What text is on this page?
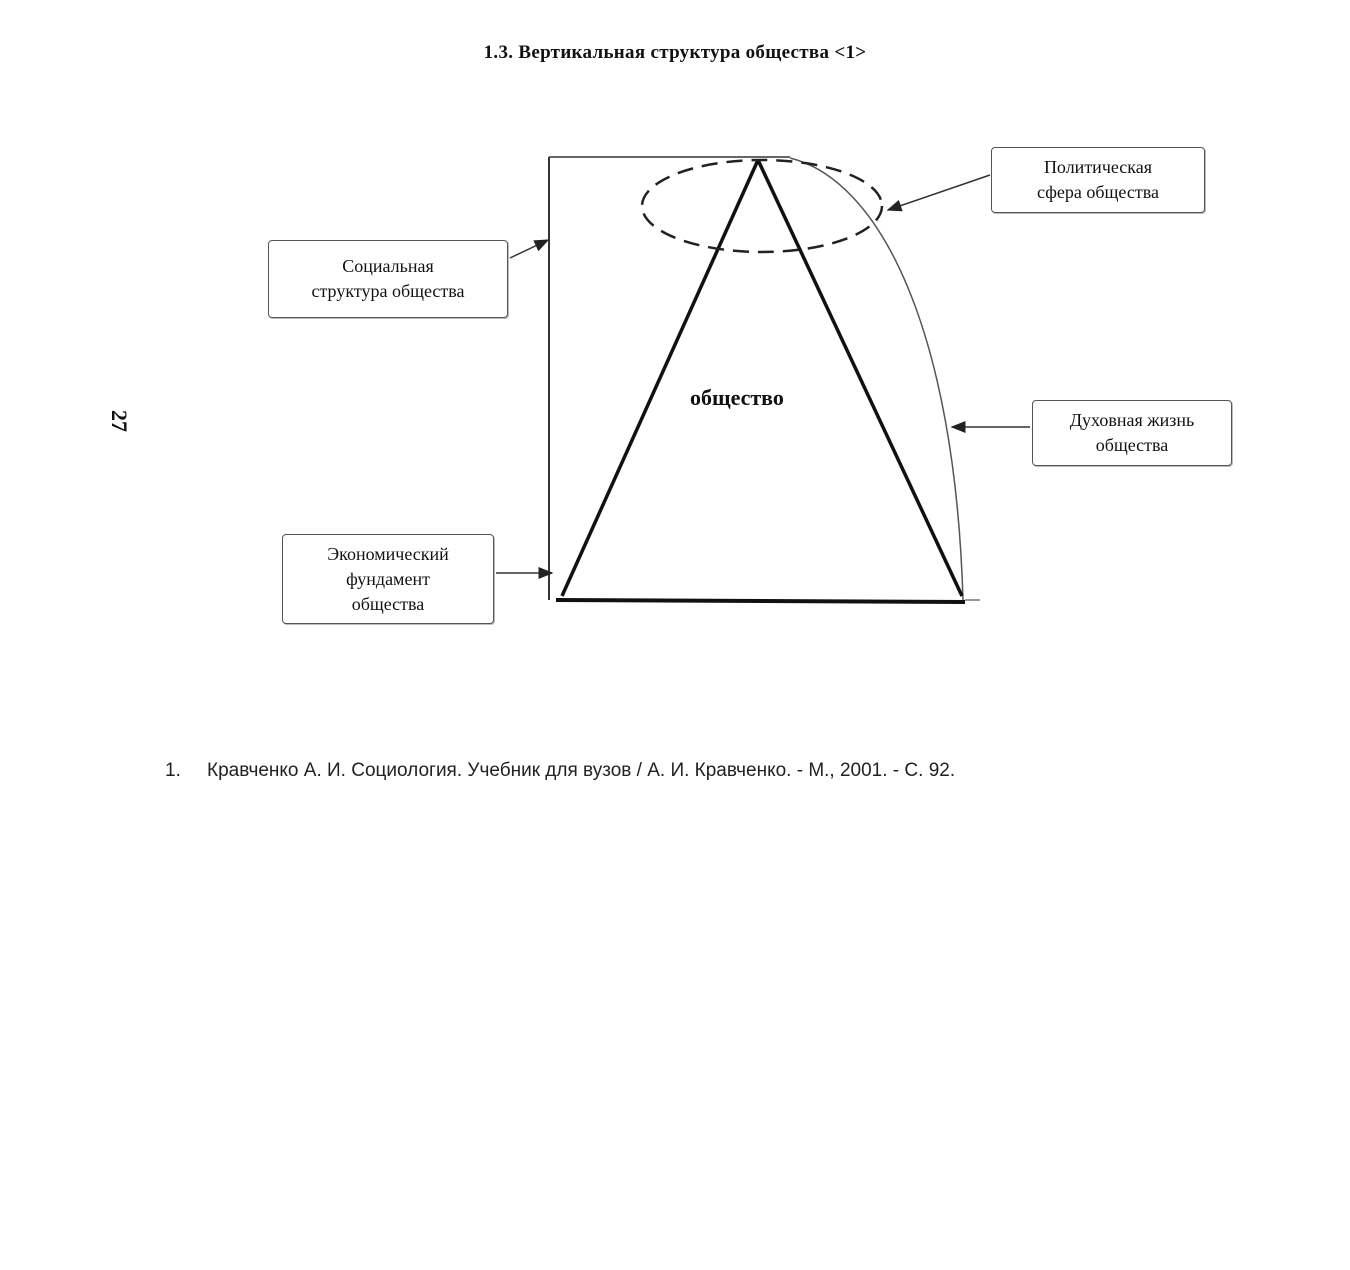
1.3. Вертикальная структура общества <1>
27
Политическая
сфера общества
Социальная
структура общества
Духовная жизнь
общества
Экономический
фундамент
общества
общество
1. Кравченко А. И. Социология. Учебник для вузов / А. И. Кравченко. - М., 2001. - С. 92.
